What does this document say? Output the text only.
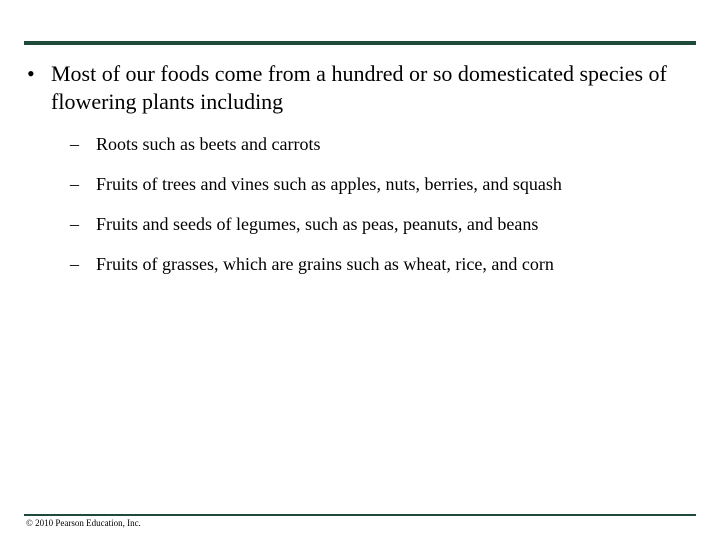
• Most of our foods come from a hundred or so domesticated species of flowering plants including
– Roots such as beets and carrots
– Fruits of trees and vines such as apples, nuts, berries, and squash
– Fruits and seeds of legumes, such as peas, peanuts, and beans
– Fruits of grasses, which are grains such as wheat, rice, and corn
© 2010 Pearson Education, Inc.
